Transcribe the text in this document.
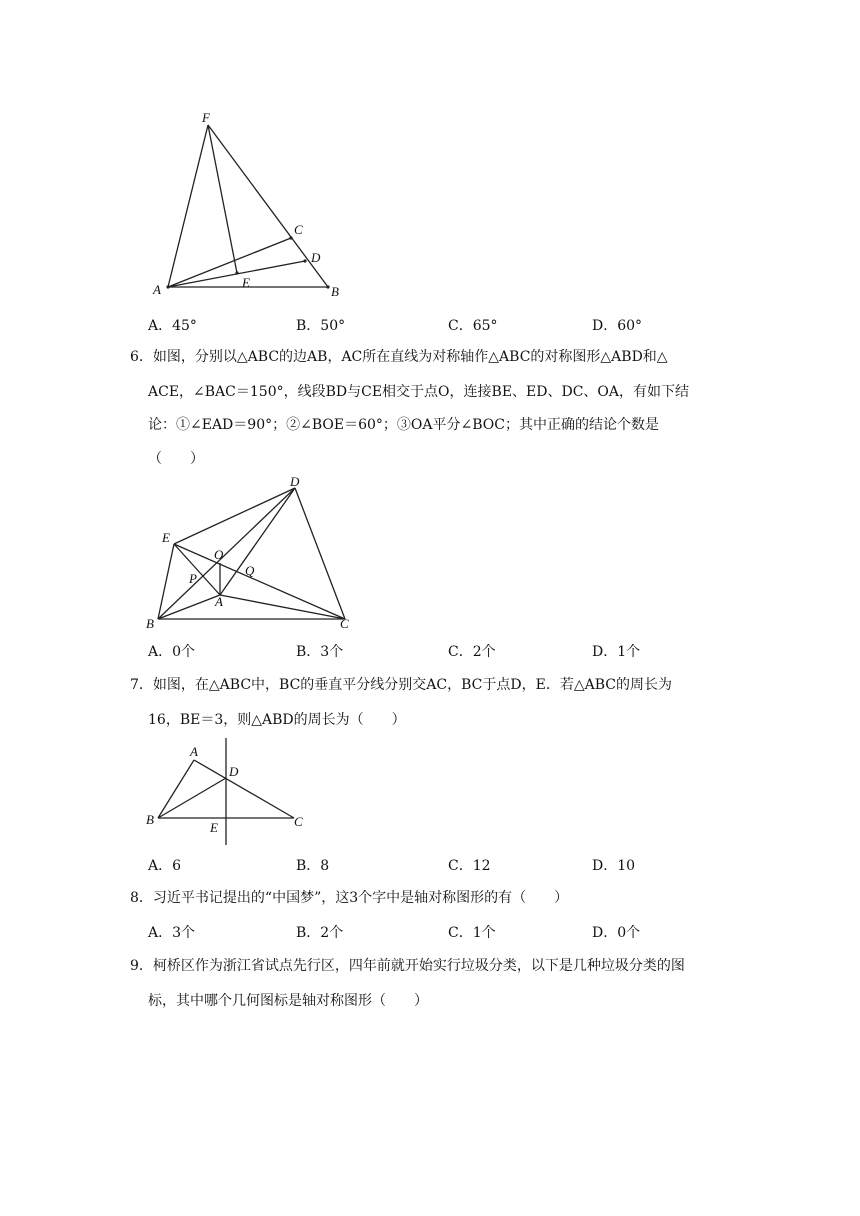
F
A	B
C
D
E
A．45°	B．50°	C．65°	D．60°
6．如图，分别以△ABC的边AB，AC所在直线为对称轴作△ABC的对称图形△ABD和△
ACE，∠BAC＝150°，线段BD与CE相交于点O，连接BE、ED、DC、OA，有如下结
论：①∠EAD＝90°；②∠BOE＝60°；③OA平分∠BOC；其中正确的结论个数是
（　　）
D
E
O
P
Q
A
B	C
A．0个	B．3个	C．2个	D．1个
7．如图，在△ABC中，BC的垂直平分线分别交AC，BC于点D，E．若△ABC的周长为
16，BE＝3，则△ABD的周长为（　　）
A
D
B
E	C
A．6	B．8	C．12	D．10
8．习近平书记提出的“中国梦”，这3个字中是轴对称图形的有（　　）
A．3个	B．2个	C．1个	D．0个
9．柯桥区作为浙江省试点先行区，四年前就开始实行垃圾分类，以下是几种垃圾分类的图
标，其中哪个几何图标是轴对称图形（　　）
